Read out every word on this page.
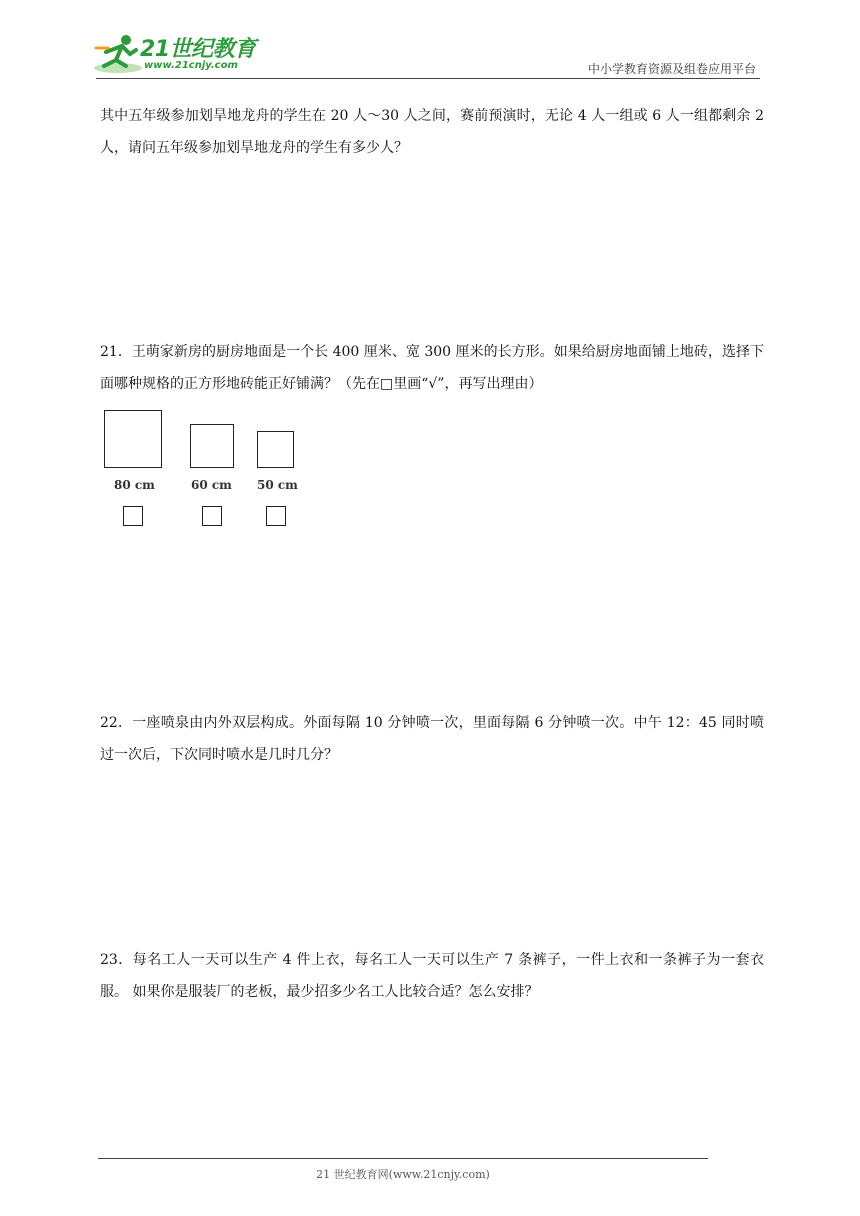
21世纪教育
www.21cnjy.com	中小学教育资源及组卷应用平台
其中五年级参加划旱地龙舟的学生在 20 人～30 人之间，赛前预演时，无论 4 人一组或 6 人一组都剩余 2 人，请问五年级参加划旱地龙舟的学生有多少人？
21．王萌家新房的厨房地面是一个长 400 厘米、宽 300 厘米的长方形。如果给厨房地面铺上地砖，选择下面哪种规格的正方形地砖能正好铺满？（先在□里画“√”，再写出理由）
80 cm	60 cm 50 cm
22．一座喷泉由内外双层构成。外面每隔 10 分钟喷一次，里面每隔 6 分钟喷一次。中午 12：45 同时喷过一次后，下次同时喷水是几时几分？
23．每名工人一天可以生产 4 件上衣，每名工人一天可以生产 7 条裤子，一件上衣和一条裤子为一套衣服。 如果你是服装厂的老板，最少招多少名工人比较合适？怎么安排？
21 世纪教育网(www.21cnjy.com)
